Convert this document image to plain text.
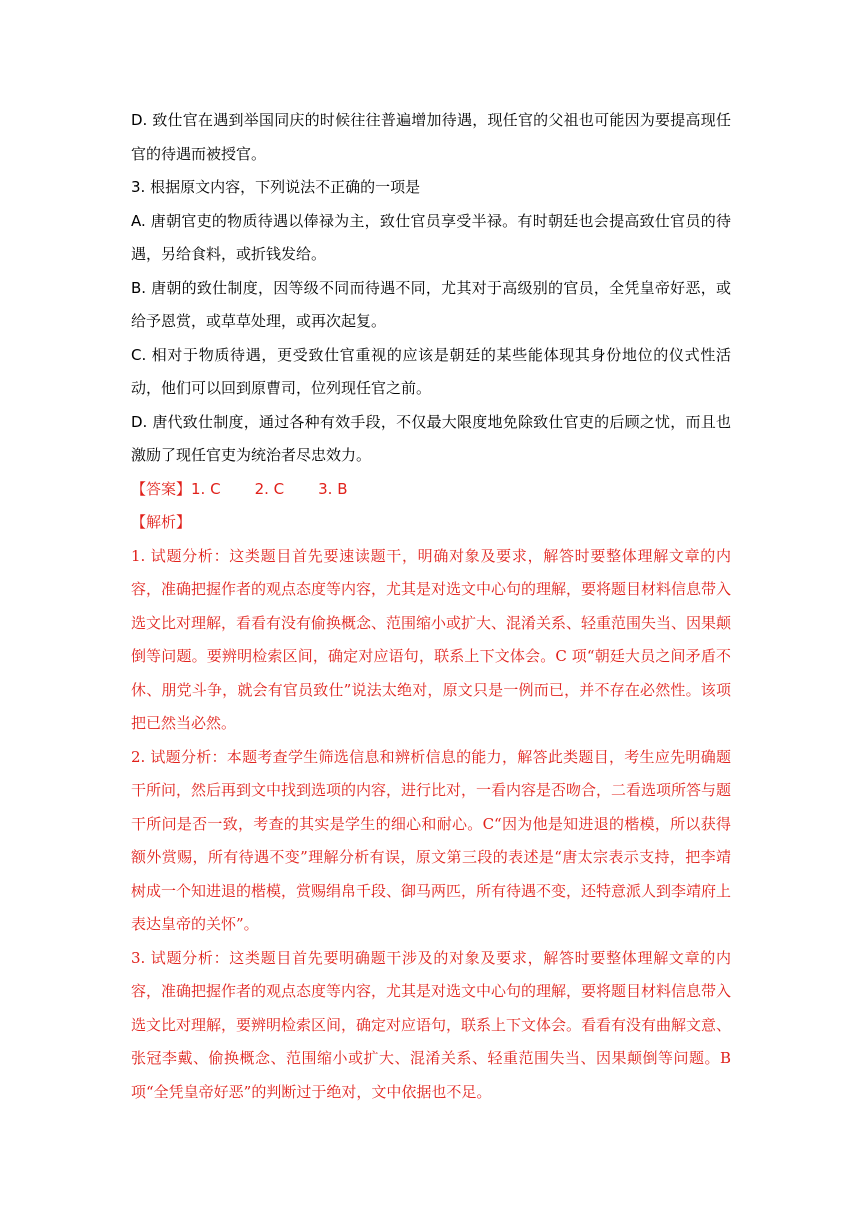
D. 致仕官在遇到举国同庆的时候往往普遍增加待遇，现任官的父祖也可能因为要提高现任官的待遇而被授官。

3. 根据原文内容，下列说法不正确的一项是

A. 唐朝官吏的物质待遇以俸禄为主，致仕官员享受半禄。有时朝廷也会提高致仕官员的待遇，另给食料，或折钱发给。

B. 唐朝的致仕制度，因等级不同而待遇不同，尤其对于高级别的官员，全凭皇帝好恶，或给予恩赏，或草草处理，或再次起复。

C. 相对于物质待遇，更受致仕官重视的应该是朝廷的某些能体现其身份地位的仪式性活动，他们可以回到原曹司，位列现任官之前。

D. 唐代致仕制度，通过各种有效手段，不仅最大限度地免除致仕官吏的后顾之忧，而且也激励了现任官吏为统治者尽忠效力。

【答案】1. C 2. C 3. B
【解析】

1. 试题分析：这类题目首先要速读题干，明确对象及要求，解答时要整体理解文章的内容，准确把握作者的观点态度等内容，尤其是对选文中心句的理解，要将题目材料信息带入选文比对理解，看看有没有偷换概念、范围缩小或扩大、混淆关系、轻重范围失当、因果颠倒等问题。要辨明检索区间，确定对应语句，联系上下文体会。C 项“朝廷大员之间矛盾不休、朋党斗争，就会有官员致仕”说法太绝对，原文只是一例而已，并不存在必然性。该项把已然当必然。

2. 试题分析：本题考查学生筛选信息和辨析信息的能力，解答此类题目，考生应先明确题干所问，然后再到文中找到选项的内容，进行比对，一看内容是否吻合，二看选项所答与题干所问是否一致，考查的其实是学生的细心和耐心。C“因为他是知进退的楷模，所以获得额外赏赐，所有待遇不变”理解分析有误，原文第三段的表述是“唐太宗表示支持，把李靖树成一个知进退的楷模，赏赐绢帛千段、御马两匹，所有待遇不变，还特意派人到李靖府上表达皇帝的关怀”。

3. 试题分析：这类题目首先要明确题干涉及的对象及要求，解答时要整体理解文章的内容，准确把握作者的观点态度等内容，尤其是对选文中心句的理解，要将题目材料信息带入选文比对理解，要辨明检索区间，确定对应语句，联系上下文体会。看看有没有曲解文意、张冠李戴、偷换概念、范围缩小或扩大、混淆关系、轻重范围失当、因果颠倒等问题。B 项“全凭皇帝好恶”的判断过于绝对，文中依据也不足。
